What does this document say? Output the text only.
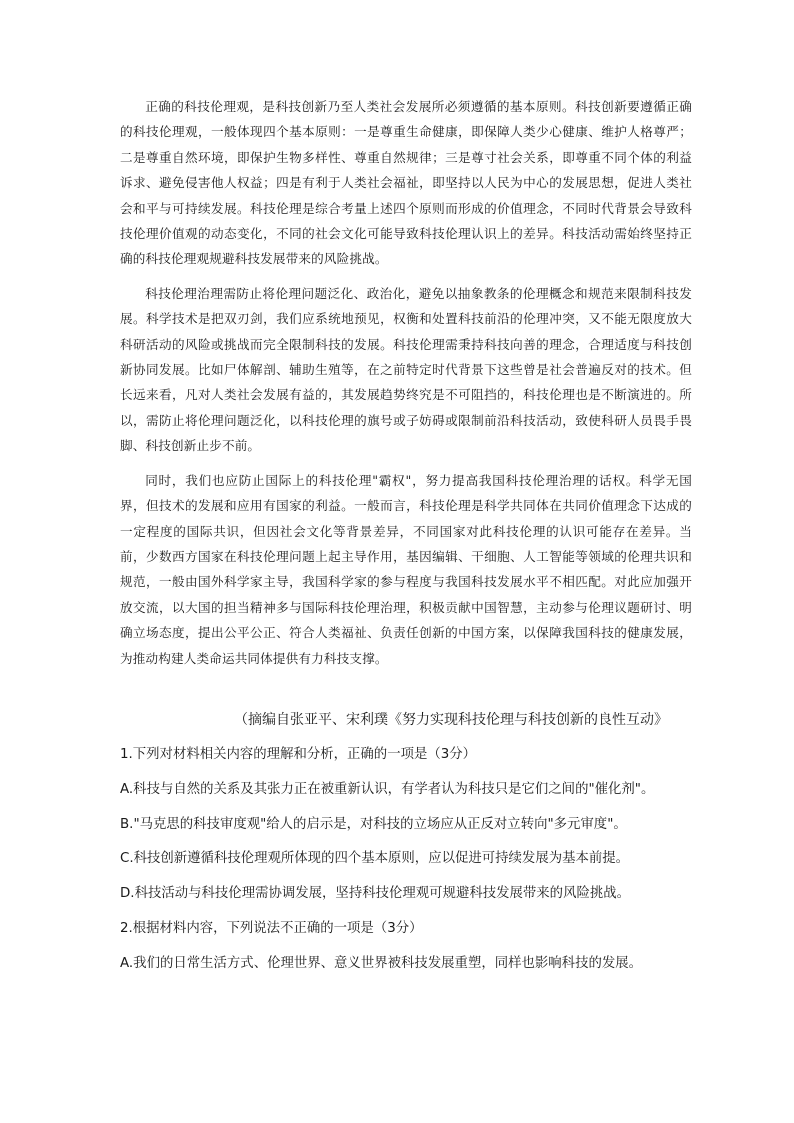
正确的科技伦理观，是科技创新乃至人类社会发展所必须遵循的基本原则。科技创新要遵循正确的科技伦理观，一般体现四个基本原则：一是尊重生命健康，即保障人类少心健康、维护人格尊严；二是尊重自然环境，即保护生物多样性、尊重自然规律；三是尊寸社会关系，即尊重不同个体的利益诉求、避免侵害他人权益；四是有利于人类社会福祉，即坚持以人民为中心的发展思想，促进人类社会和平与可持续发展。科技伦理是综合考量上述四个原则而形成的价值理念，不同时代背景会导致科技伦理价值观的动态变化，不同的社会文化可能导致科技伦理认识上的差异。科技活动需始终坚持正确的科技伦理观规避科技发展带来的风险挑战。

科技伦理治理需防止将伦理问题泛化、政治化，避免以抽象教条的伦理概念和规范来限制科技发展。科学技术是把双刃剑，我们应系统地预见，权衡和处置科技前沿的伦理冲突，又不能无限度放大科研活动的风险或挑战而完全限制科技的发展。科技伦理需秉持科技向善的理念，合理适度与科技创新协同发展。比如尸体解剖、辅助生殖等，在之前特定时代背景下这些曾是社会普遍反对的技术。但长远来看，凡对人类社会发展有益的，其发展趋势终究是不可阻挡的，科技伦理也是不断演进的。所以，需防止将伦理问题泛化，以科技伦理的旗号或子妨碍或限制前沿科技活动，致使科研人员畏手畏脚、科技创新止步不前。

同时，我们也应防止国际上的科技伦理"霸权"，努力提高我国科技伦理治理的话权。科学无国界，但技术的发展和应用有国家的利益。一般而言，科技伦理是科学共同体在共同价值理念下达成的一定程度的国际共识，但因社会文化等背景差异，不同国家对此科技伦理的认识可能存在差异。当前，少数西方国家在科技伦理问题上起主导作用，基因编辑、干细胞、人工智能等领域的伦理共识和规范，一般由国外科学家主导，我国科学家的参与程度与我国科技发展水平不相匹配。对此应加强开放交流，以大国的担当精神多与国际科技伦理治理，积极贡献中国智慧，主动参与伦理议题研讨、明确立场态度，提出公平公正、符合人类福祉、负责任创新的中国方案，以保障我国科技的健康发展，为推动构建人类命运共同体提供有力科技支撑。

（摘编自张亚平、宋利璞《努力实现科技伦理与科技创新的良性互动》
1.下列对材料相关内容的理解和分析，正确的一项是（3分）
A.科技与自然的关系及其张力正在被重新认识，有学者认为科技只是它们之间的"催化剂"。
B."马克思的科技审度观"给人的启示是，对科技的立场应从正反对立转向"多元审度"。
C.科技创新遵循科技伦理观所体现的四个基本原则，应以促进可持续发展为基本前提。
D.科技活动与科技伦理需协调发展，坚持科技伦理观可规避科技发展带来的风险挑战。
2.根据材料内容，下列说法不正确的一项是（3分）
A.我们的日常生活方式、伦理世界、意义世界被科技发展重塑，同样也影响科技的发展。
